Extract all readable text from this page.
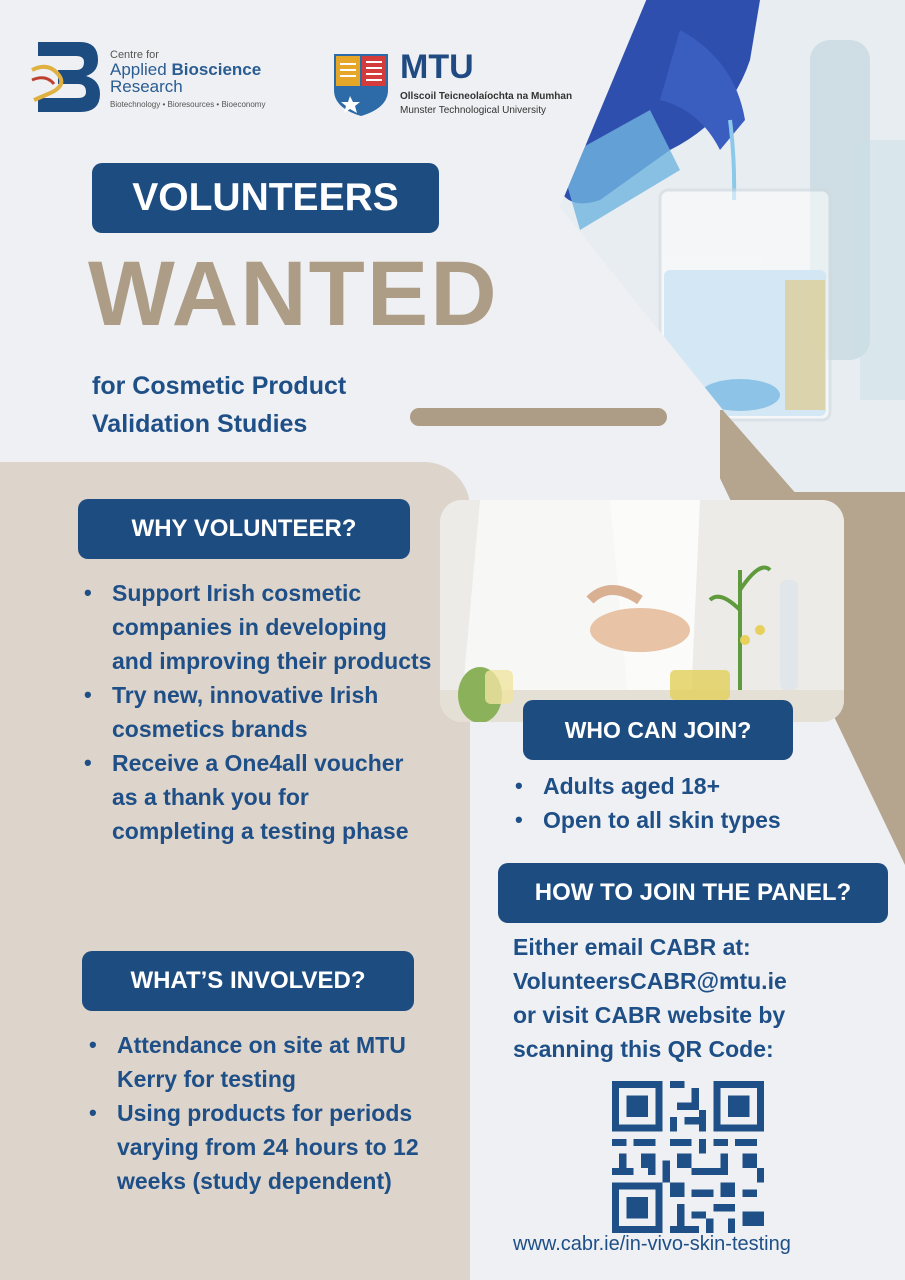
Centre for
Applied Bioscience
Research
Biotechnology • Bioresources • Bioeconomy
MTU
Ollscoil Teicneolaíochta na Mumhan
Munster Technological University
VOLUNTEERS
WANTED
for Cosmetic Product
Validation Studies
WHY VOLUNTEER?
• Support Irish cosmetic companies in developing and improving their products
• Try new, innovative Irish cosmetics brands
• Receive a One4all voucher as a thank you for completing a testing phase
WHAT’S INVOLVED?
• Attendance on site at MTU Kerry for testing
• Using products for periods varying from 24 hours to 12 weeks (study dependent)
WHO CAN JOIN?
• Adults aged 18+
• Open to all skin types
HOW TO JOIN THE PANEL?
Either email CABR at:
VolunteersCABR@mtu.ie
or visit CABR website by
scanning this QR Code:
www.cabr.ie/in-vivo-skin-testing
